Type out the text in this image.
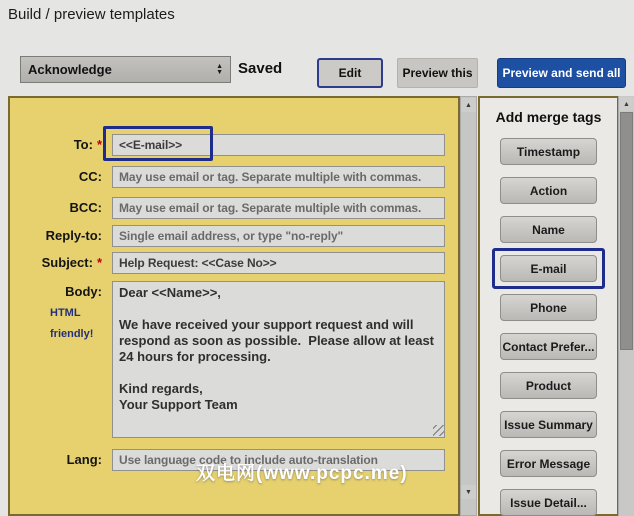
Build / preview templates
Acknowledge	▲
▼ Saved	Edit	Preview this	Preview and send all
To: *
<<E-mail>>
CC:
May use email or tag. Separate multiple with commas.
BCC:
May use email or tag. Separate multiple with commas.
Reply-to:
Single email address, or type "no-reply"
Subject: *
Help Request: <<Case No>>
Body:
HTML
friendly!
Dear <<Name>>, We have received your support request and will respond as soon as possible. Please allow at least 24 hours for processing. Kind regards, Your Support Team
Lang:
Use language code to include auto-translation
▲
▼
Add merge tags
Timestamp
Action
Name
E-mail
Phone
Contact Prefer...
Product
Issue Summary
Error Message
Issue Detail...
▲
双电网(www.pcpc.me)
